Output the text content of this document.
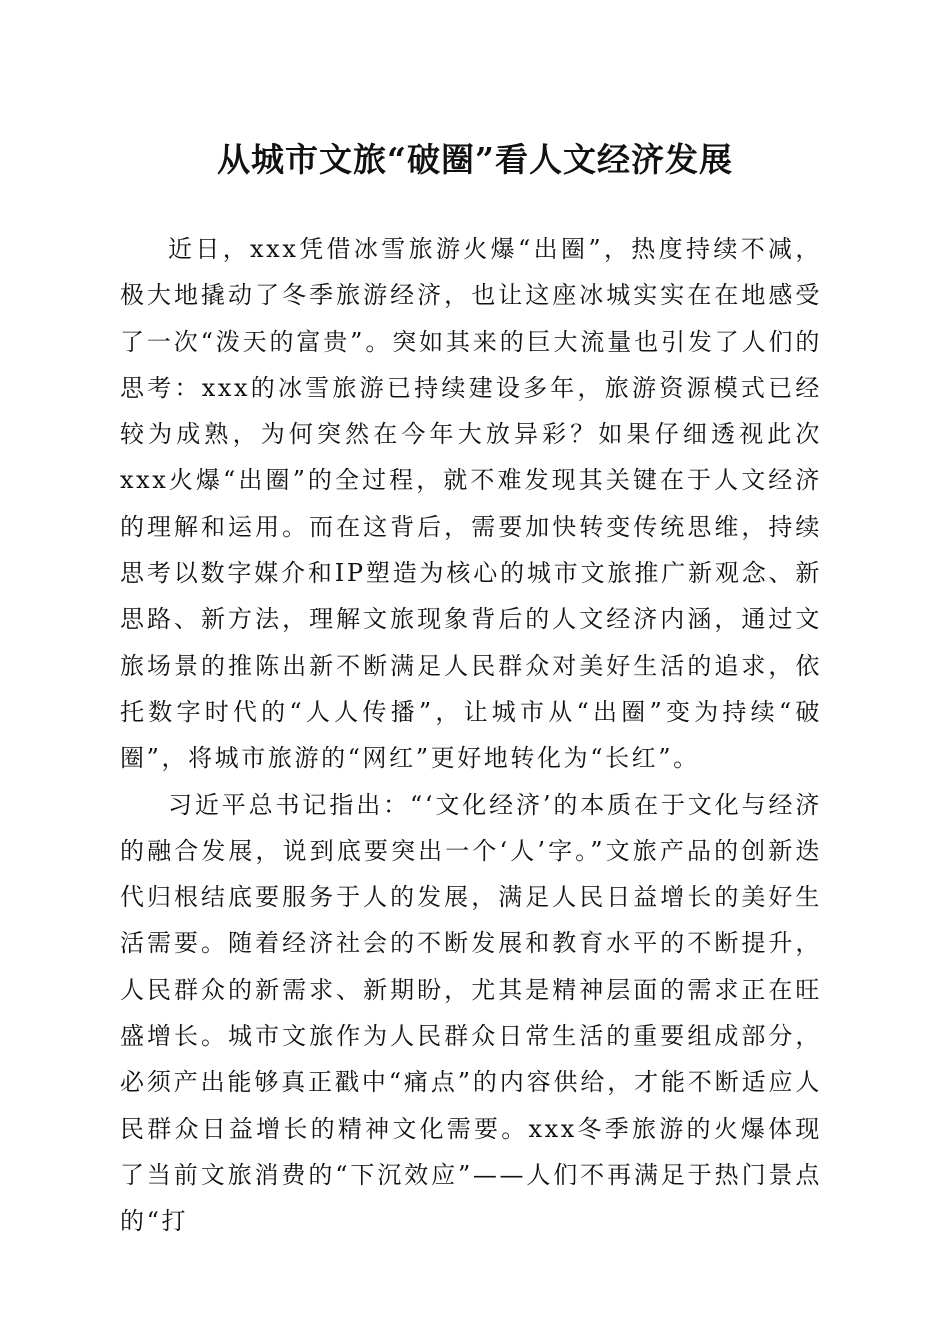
从城市文旅“破圈”看人文经济发展

近日，xxx凭借冰雪旅游火爆“出圈”，热度持续不减，极大地撬动了冬季旅游经济，也让这座冰城实实在在地感受了一次“泼天的富贵”。突如其来的巨大流量也引发了人们的思考：xxx的冰雪旅游已持续建设多年，旅游资源模式已经较为成熟，为何突然在今年大放异彩？如果仔细透视此次xxx火爆“出圈”的全过程，就不难发现其关键在于人文经济的理解和运用。而在这背后，需要加快转变传统思维，持续思考以数字媒介和IP塑造为核心的城市文旅推广新观念、新思路、新方法，理解文旅现象背后的人文经济内涵，通过文旅场景的推陈出新不断满足人民群众对美好生活的追求，依托数字时代的“人人传播”，让城市从“出圈”变为持续“破圈”，将城市旅游的“网红”更好地转化为“长红”。

习近平总书记指出：“‘文化经济’的本质在于文化与经济的融合发展，说到底要突出一个‘人’字。”文旅产品的创新迭代归根结底要服务于人的发展，满足人民日益增长的美好生活需要。随着经济社会的不断发展和教育水平的不断提升，人民群众的新需求、新期盼，尤其是精神层面的需求正在旺盛增长。城市文旅作为人民群众日常生活的重要组成部分，必须产出能够真正戳中“痛点”的内容供给，才能不断适应人民群众日益增长的精神文化需要。xxx冬季旅游的火爆体现了当前文旅消费的“下沉效应”——人们不再满足于热门景点的“打
